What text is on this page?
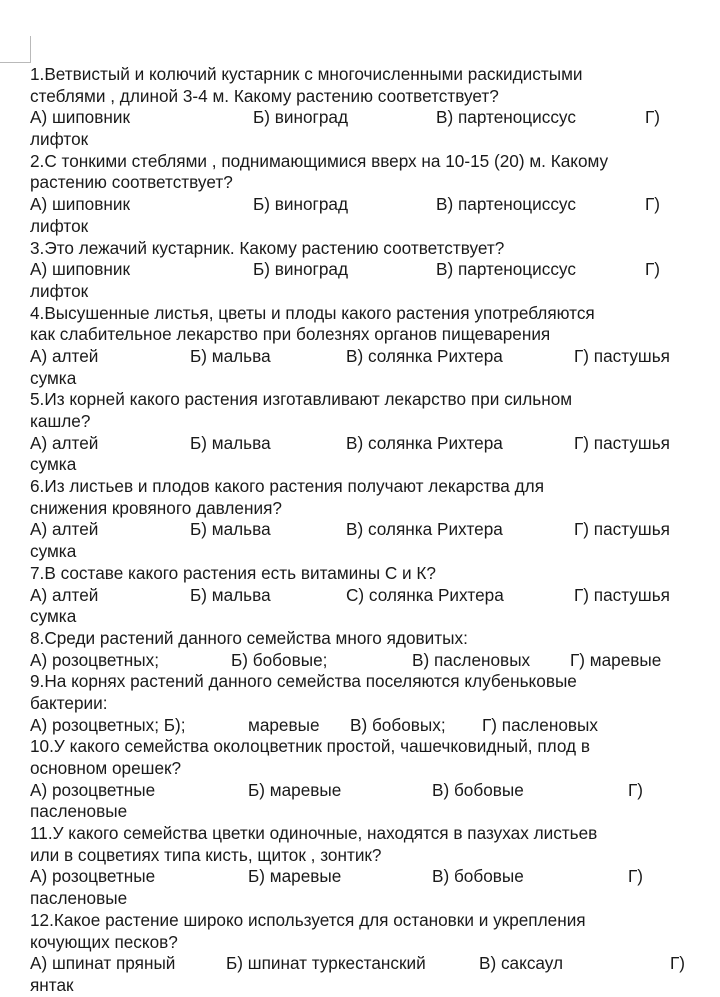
1.Ветвистый и колючий кустарник с многочисленными раскидистыми
стеблями , длиной 3-4 м. Какому растению соответствует?
А) шиповник	Б) виноград	В) партеноциссус	Г)
лифток
2.С тонкими стеблями , поднимающимися вверх на 10-15 (20) м. Какому
растению соответствует?
А) шиповник	Б) виноград	В) партеноциссус	Г)
лифток
3.Это лежачий кустарник. Какому растению соответствует?
А) шиповник	Б) виноград	В) партеноциссус	Г)
лифток
4.Высушенные листья, цветы и плоды какого растения употребляются
как слабительное лекарство при болезнях органов пищеварения
А) алтей	Б) мальва	В) солянка Рихтера	Г) пастушья
сумка
5.Из корней какого растения изготавливают лекарство при сильном
кашле?
А) алтей	Б) мальва	В) солянка Рихтера	Г) пастушья
сумка
6.Из листьев и плодов какого растения получают лекарства для
снижения кровяного давления?
А) алтей	Б) мальва	В) солянка Рихтера	Г) пастушья
сумка
7.В составе какого растения есть витамины С и К?
А) алтей	Б) мальва	С) солянка Рихтера	Г) пастушья
сумка
8.Среди растений данного семейства много ядовитых:
А) розоцветных;	Б) бобовые;	В) пасленовых Г) маревые
9.На корнях растений данного семейства поселяются клубеньковые
бактерии:
А) розоцветных; Б);	маревые В) бобовых; Г) пасленовых
10.У какого семейства околоцветник простой, чашечковидный, плод в
основном орешек?
А) розоцветные	Б) маревые	В) бобовые	Г)
пасленовые
11.У какого семейства цветки одиночные, находятся в пазухах листьев
или в соцветиях типа кисть, щиток , зонтик?
А) розоцветные	Б) маревые	В) бобовые	Г)
пасленовые
12.Какое растение широко используется для остановки и укрепления
кочующих песков?
А) шпинат пряный	Б) шпинат туркестанский	В) саксаул	Г)
янтак
